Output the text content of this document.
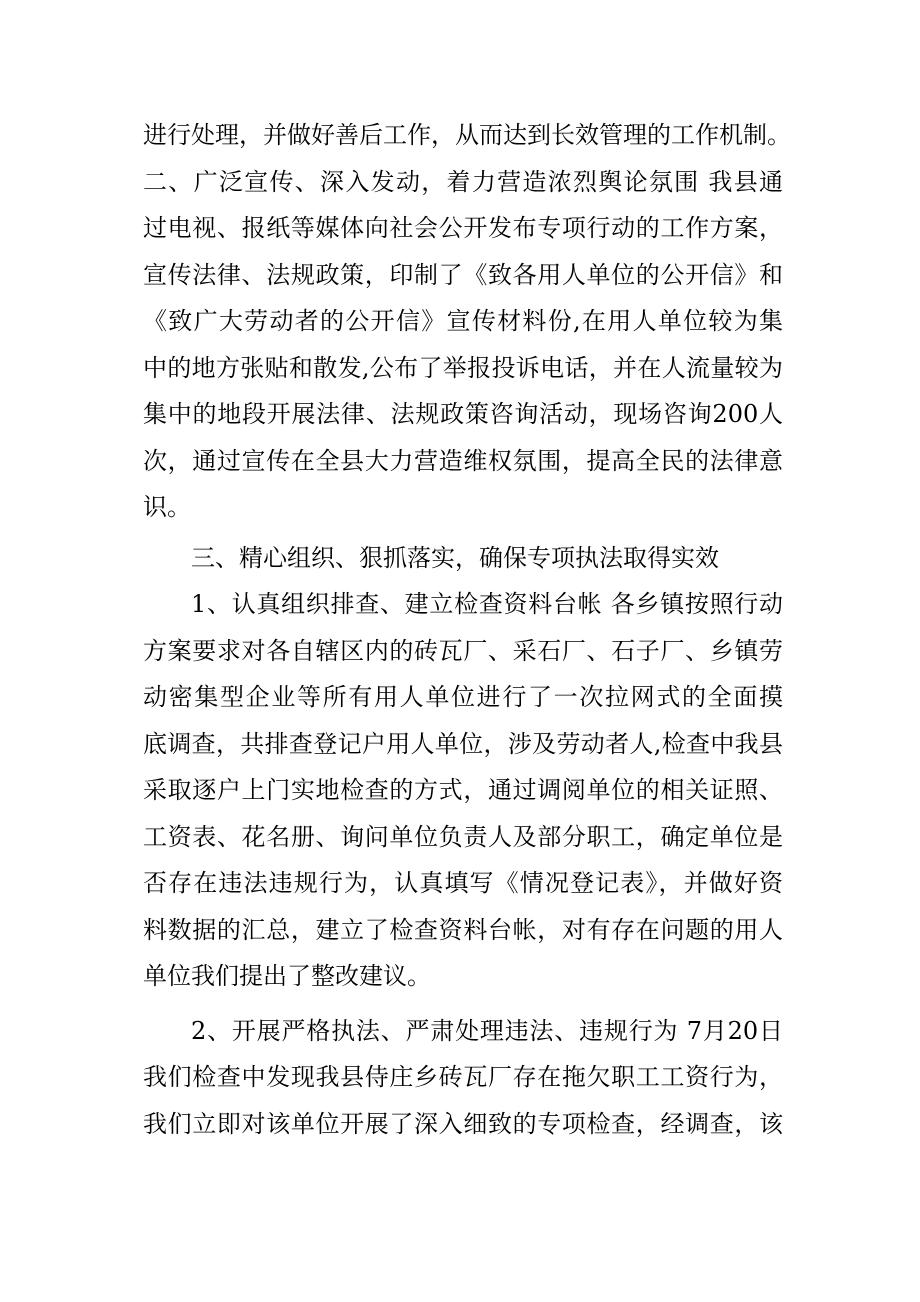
进行处理，并做好善后工作，从而达到长效管理的工作机制。
二、广泛宣传、深入发动，着力营造浓烈舆论氛围 我县通
过电视、报纸等媒体向社会公开发布专项行动的工作方案，
宣传法律、法规政策，印制了《致各用人单位的公开信》和
《致广大劳动者的公开信》宣传材料份,在用人单位较为集
中的地方张贴和散发,公布了举报投诉电话，并在人流量较为
集中的地段开展法律、法规政策咨询活动，现场咨询200人
次，通过宣传在全县大力营造维权氛围，提高全民的法律意
识。
三、精心组织、狠抓落实，确保专项执法取得实效
1、认真组织排查、建立检查资料台帐 各乡镇按照行动
方案要求对各自辖区内的砖瓦厂、采石厂、石子厂、乡镇劳
动密集型企业等所有用人单位进行了一次拉网式的全面摸
底调查，共排查登记户用人单位，涉及劳动者人,检查中我县
采取逐户上门实地检查的方式，通过调阅单位的相关证照、
工资表、花名册、询问单位负责人及部分职工，确定单位是
否存在违法违规行为，认真填写《情况登记表》，并做好资
料数据的汇总，建立了检查资料台帐，对有存在问题的用人
单位我们提出了整改建议。
2、开展严格执法、严肃处理违法、违规行为 7月20日
我们检查中发现我县侍庄乡砖瓦厂存在拖欠职工工资行为，
我们立即对该单位开展了深入细致的专项检查，经调查，该
